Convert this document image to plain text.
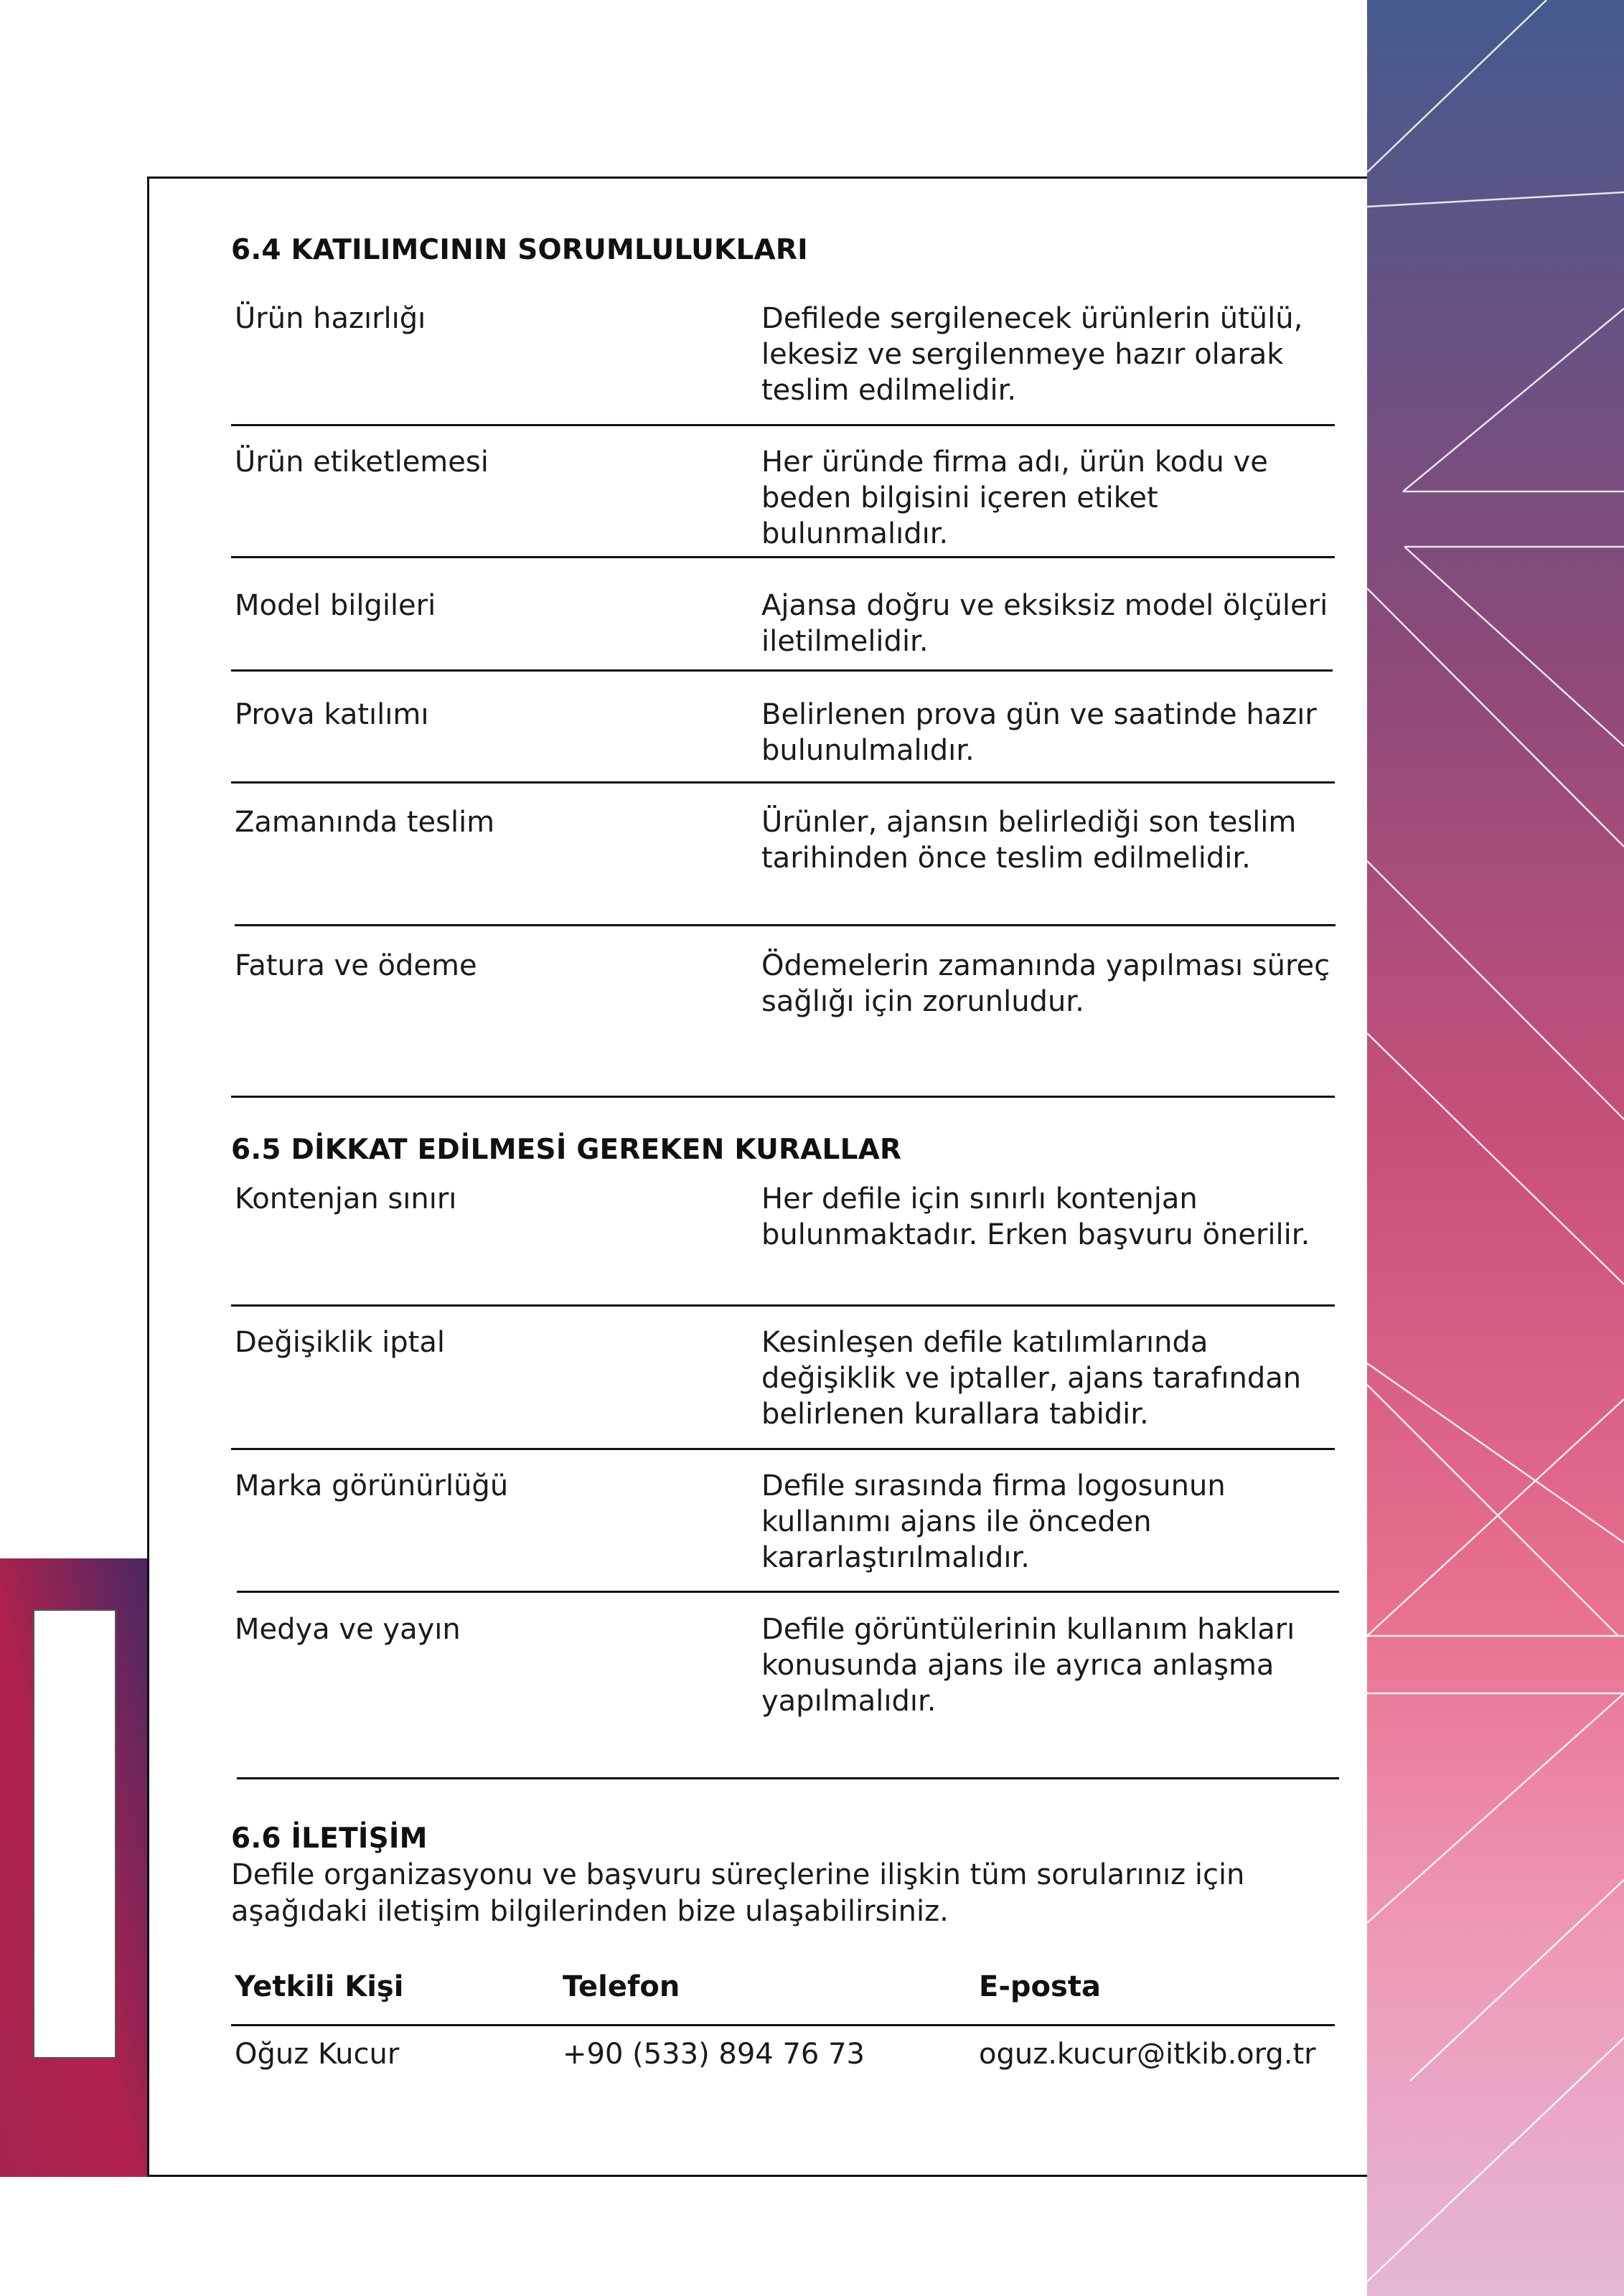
6.4 KATILIMCININ SORUMLULUKLARI
Ürün hazırlığı	Defilede sergilenecek ürünlerin ütülü, lekesiz ve sergilenmeye hazır olarak teslim edilmelidir.
Ürün etiketlemesi	Her üründe firma adı, ürün kodu ve beden bilgisini içeren etiket bulunmalıdır.
Model bilgileri	Ajansa doğru ve eksiksiz model ölçüleri iletilmelidir.
Prova katılımı	Belirlenen prova gün ve saatinde hazır bulunulmalıdır.
Zamanında teslim	Ürünler, ajansın belirlediği son teslim tarihinden önce teslim edilmelidir.
Fatura ve ödeme	Ödemelerin zamanında yapılması süreç sağlığı için zorunludur.
6.5 DİKKAT EDİLMESİ GEREKEN KURALLAR
Kontenjan sınırı	Her defile için sınırlı kontenjan bulunmaktadır. Erken başvuru önerilir.
Değişiklik iptal	Kesinleşen defile katılımlarında değişiklik ve iptaller, ajans tarafından belirlenen kurallara tabidir.
Marka görünürlüğü	Defile sırasında firma logosunun kullanımı ajans ile önceden kararlaştırılmalıdır.
Medya ve yayın	Defile görüntülerinin kullanım hakları konusunda ajans ile ayrıca anlaşma yapılmalıdır.
6.6 İLETİŞİM
Defile organizasyonu ve başvuru süreçlerine ilişkin tüm sorularınız için aşağıdaki iletişim bilgilerinden bize ulaşabilirsiniz.
Yetkili Kişi	Telefon	E-posta
Oğuz Kucur	+90 (533) 894 76 73	oguz.kucur@itkib.org.tr
